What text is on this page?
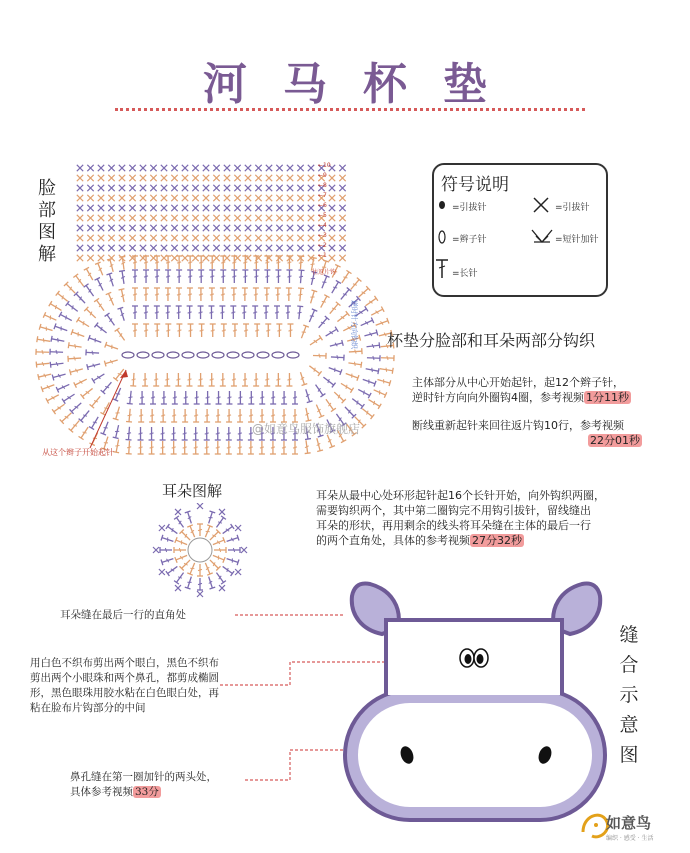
河马杯垫
脸部图解
逆时针方向钩织
往返片钩
←10
←9
←8
←7
←6
←5
←4
←3
←2
←1
从这个辫子开始起针
@如意鸟服饰旗舰店
符号说明
=引拔针	=引拔针
=辫子针	=短针加针
=长针
杯垫分脸部和耳朵两部分钩织
主体部分从中心开始起针，起12个辫子针，
逆时针方向向外圈钩4圈，参考视频 1分11秒
断线重新起针来回往返片钩10行，参考视频
22分01秒
耳朵图解	耳朵从最中心处环形起针起16个长针开始，向外钩织两圈，
需要钩织两个，其中第二圈钩完不用钩引拔针，留线缝出
耳朵的形状，再用剩余的线头将耳朵缝在主体的最后一行
的两个直角处，具体的参考视频 27分32秒
缝合示意图
耳朵缝在最后一行的直角处
用白色不织布剪出两个眼白，黑色不织布
剪出两个小眼珠和两个鼻孔，都剪成椭圆
形，黑色眼珠用胶水粘在白色眼白处，再
粘在脸布片钩部分的中间
鼻孔缝在第一圈加针的两头处，
具体参考视频 33分
如意鸟
编织 · 感受 · 生活
